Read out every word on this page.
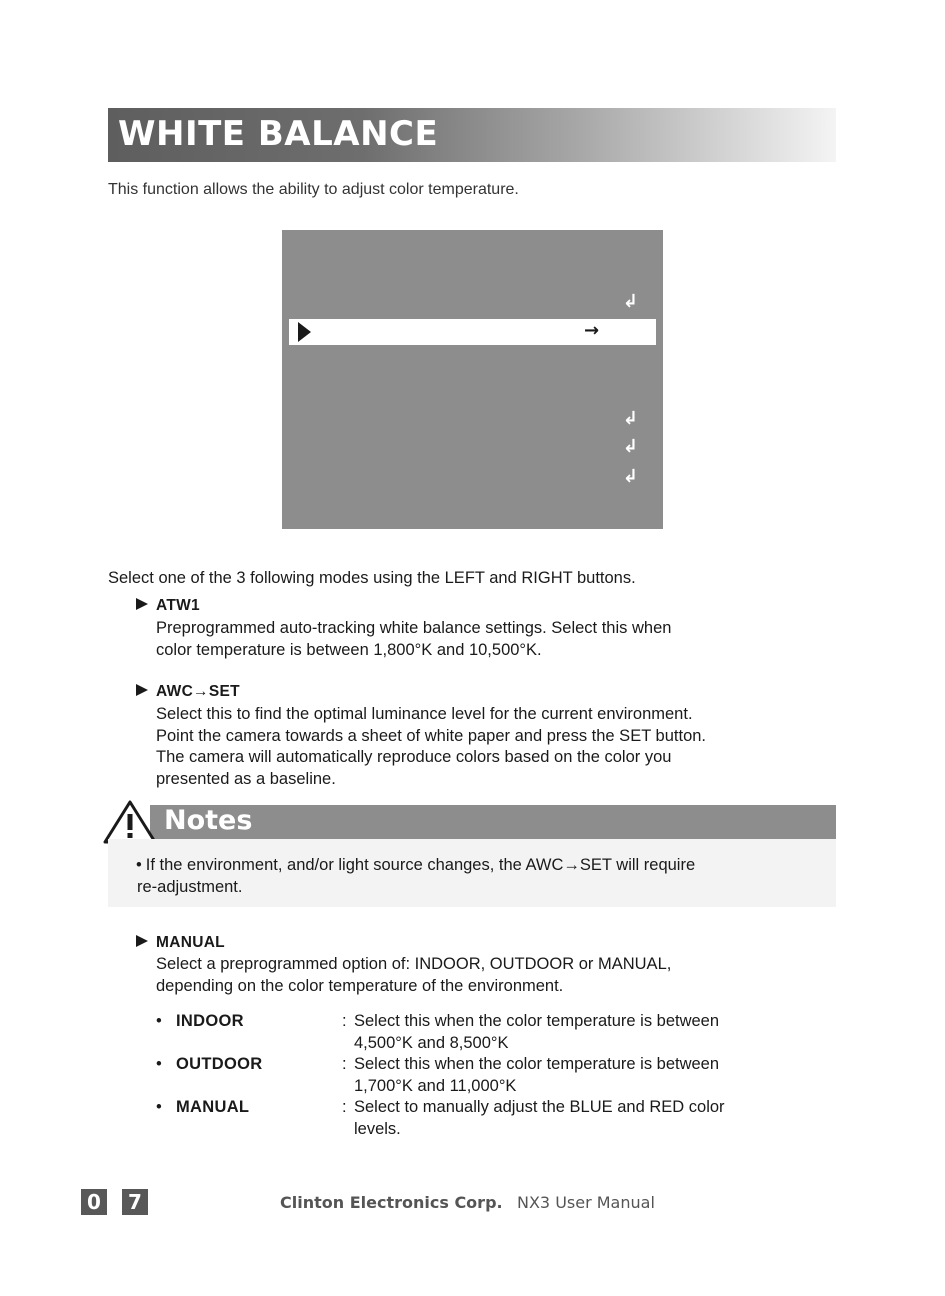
WHITE BALANCE
This function allows the ability to adjust color temperature.
↲
→
↲
↲
↲
Select one of the 3 following modes using the LEFT and RIGHT buttons.
ATW1
Preprogrammed auto-tracking white balance settings. Select this when
color temperature is between 1,800°K and 10,500°K.
AWC→SET
Select this to find the optimal luminance level for the current environment.
Point the camera towards a sheet of white paper and press the SET button.
The camera will automatically reproduce colors based on the color you
presented as a baseline.
Notes
• If the environment, and/or light source changes, the AWC→SET will require
re-adjustment.
MANUAL
Select a preprogrammed option of: INDOOR, OUTDOOR or MANUAL,
depending on the color temperature of the environment.
• INDOOR	: Select this when the color temperature is between
4,500°K and 8,500°K
• OUTDOOR	: Select this when the color temperature is between
1,700°K and 11,000°K
• MANUAL	: Select to manually adjust the BLUE and RED color
levels.
0	7	Clinton Electronics Corp. NX3 User Manual
